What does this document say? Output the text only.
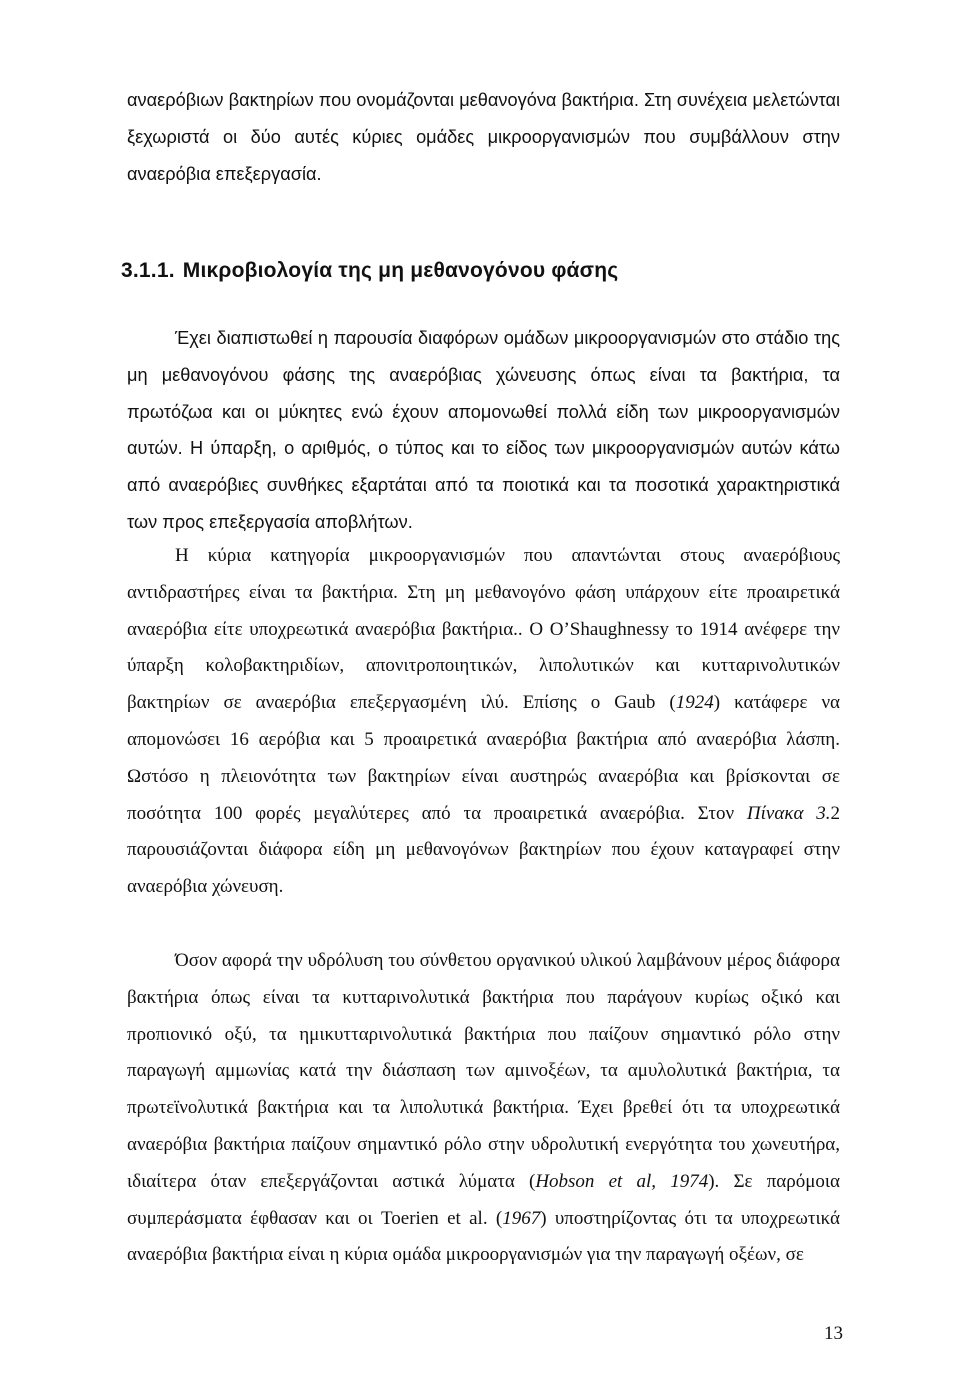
αναερόβιων βακτηρίων που ονομάζονται μεθανογόνα βακτήρια. Στη συνέχεια μελετώνται ξεχωριστά οι δύο αυτές κύριες ομάδες μικροοργανισμών που συμβάλλουν στην αναερόβια επεξεργασία.

3.1.1. Μικροβιολογία της μη μεθανογόνου φάσης

Έχει διαπιστωθεί η παρουσία διαφόρων ομάδων μικροοργανισμών στο στάδιο της μη μεθανογόνου φάσης της αναερόβιας χώνευσης όπως είναι τα βακτήρια, τα πρωτόζωα και οι μύκητες ενώ έχουν απομονωθεί πολλά είδη των μικροοργανισμών αυτών. Η ύπαρξη, ο αριθμός, ο τύπος και το είδος των μικροοργανισμών αυτών κάτω από αναερόβιες συνθήκες εξαρτάται από τα ποιοτικά και τα ποσοτικά χαρακτηριστικά των προς επεξεργασία αποβλήτων.

Η κύρια κατηγορία μικροοργανισμών που απαντώνται στους αναερόβιους αντιδραστήρες είναι τα βακτήρια. Στη μη μεθανογόνο φάση υπάρχουν είτε προαιρετικά αναερόβια είτε υποχρεωτικά αναερόβια βακτήρια.. Ο O’Shaughnessy το 1914 ανέφερε την ύπαρξη κολοβακτηριδίων, απονιτροποιητικών, λιπολυτικών και κυτταρινολυτικών βακτηρίων σε αναερόβια επεξεργασμένη ιλύ. Επίσης ο Gaub (1924) κατάφερε να απομονώσει 16 αερόβια και 5 προαιρετικά αναερόβια βακτήρια από αναερόβια λάσπη. Ωστόσο η πλειονότητα των βακτηρίων είναι αυστηρώς αναερόβια και βρίσκονται σε ποσότητα 100 φορές μεγαλύτερες από τα προαιρετικά αναερόβια. Στον Πίνακα 3.2 παρουσιάζονται διάφορα είδη μη μεθανογόνων βακτηρίων που έχουν καταγραφεί στην αναερόβια χώνευση.

Όσον αφορά την υδρόλυση του σύνθετου οργανικού υλικού λαμβάνουν μέρος διάφορα βακτήρια όπως είναι τα κυτταρινολυτικά βακτήρια που παράγουν κυρίως οξικό και προπιονικό οξύ, τα ημικυτταρινολυτικά βακτήρια που παίζουν σημαντικό ρόλο στην παραγωγή αμμωνίας κατά την διάσπαση των αμινοξέων, τα αμυλολυτικά βακτήρια, τα πρωτεϊνολυτικά βακτήρια και τα λιπολυτικά βακτήρια. Έχει βρεθεί ότι τα υποχρεωτικά αναερόβια βακτήρια παίζουν σημαντικό ρόλο στην υδρολυτική ενεργότητα του χωνευτήρα, ιδιαίτερα όταν επεξεργάζονται αστικά λύματα (Hobson et al, 1974). Σε παρόμοια συμπεράσματα έφθασαν και οι Toerien et al. (1967) υποστηρίζοντας ότι τα υποχρεωτικά αναερόβια βακτήρια είναι η κύρια ομάδα μικροοργανισμών για την παραγωγή οξέων, σε

13
